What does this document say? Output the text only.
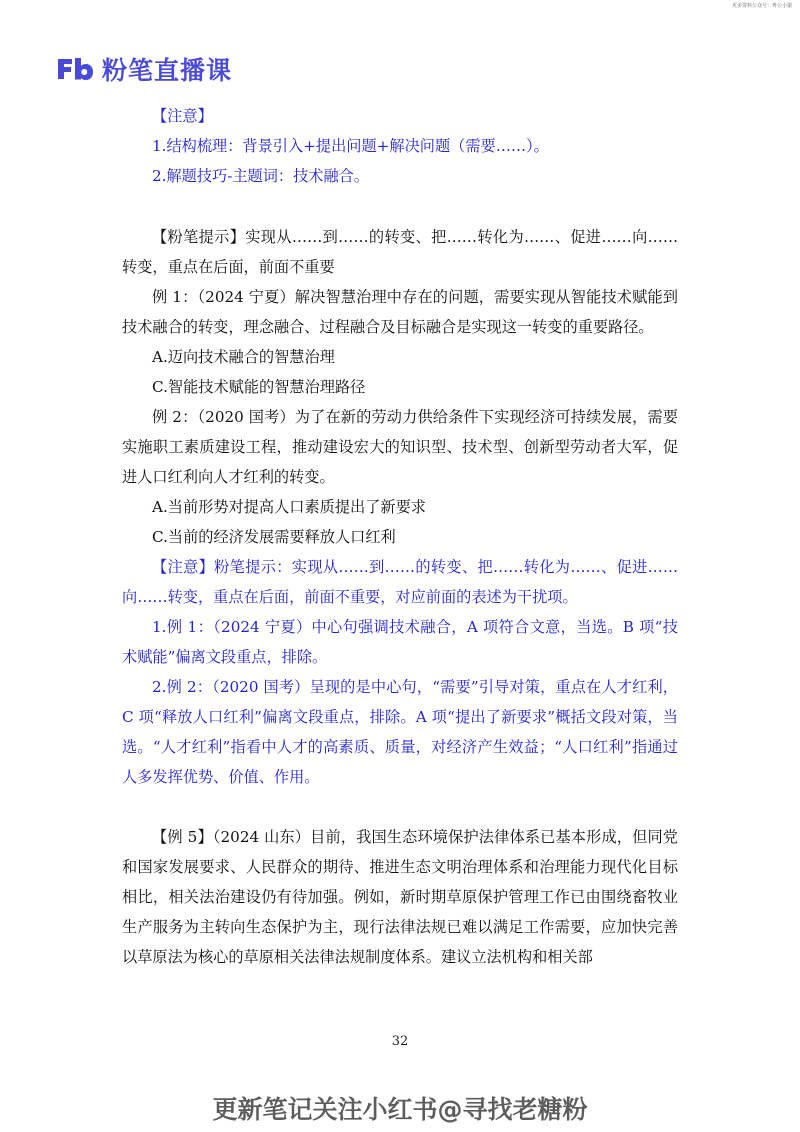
更多资料公众号：粤公小猿
粉笔直播课

【注意】

1.结构梳理：背景引入+提出问题+解决问题（需要……）。

2.解题技巧-主题词：技术融合。

【粉笔提示】实现从……到……的转变、把……转化为……、促进……向……转变，重点在后面，前面不重要

例 1：（2024 宁夏）解决智慧治理中存在的问题，需要实现从智能技术赋能到技术融合的转变，理念融合、过程融合及目标融合是实现这一转变的重要路径。

A.迈向技术融合的智慧治理

C.智能技术赋能的智慧治理路径

例 2：（2020 国考）为了在新的劳动力供给条件下实现经济可持续发展，需要实施职工素质建设工程，推动建设宏大的知识型、技术型、创新型劳动者大军，促进人口红利向人才红利的转变。

A.当前形势对提高人口素质提出了新要求

C.当前的经济发展需要释放人口红利

【注意】粉笔提示：实现从……到……的转变、把……转化为……、促进……向……转变，重点在后面，前面不重要，对应前面的表述为干扰项。

1.例 1：（2024 宁夏）中心句强调技术融合，A 项符合文意，当选。B 项“技术赋能”偏离文段重点，排除。

2.例 2：（2020 国考）呈现的是中心句，“需要”引导对策，重点在人才红利，C 项“释放人口红利”偏离文段重点，排除。A 项“提出了新要求”概括文段对策，当选。“人才红利”指看中人才的高素质、质量，对经济产生效益；“人口红利”指通过人多发挥优势、价值、作用。

【例 5】（2024 山东）目前，我国生态环境保护法律体系已基本形成，但同党和国家发展要求、人民群众的期待、推进生态文明治理体系和治理能力现代化目标相比，相关法治建设仍有待加强。例如，新时期草原保护管理工作已由围绕畜牧业生产服务为主转向生态保护为主，现行法律法规已难以满足工作需要，应加快完善以草原法为核心的草原相关法律法规制度体系。建议立法机构和相关部

32
更新笔记关注小红书@寻找老糖粉
